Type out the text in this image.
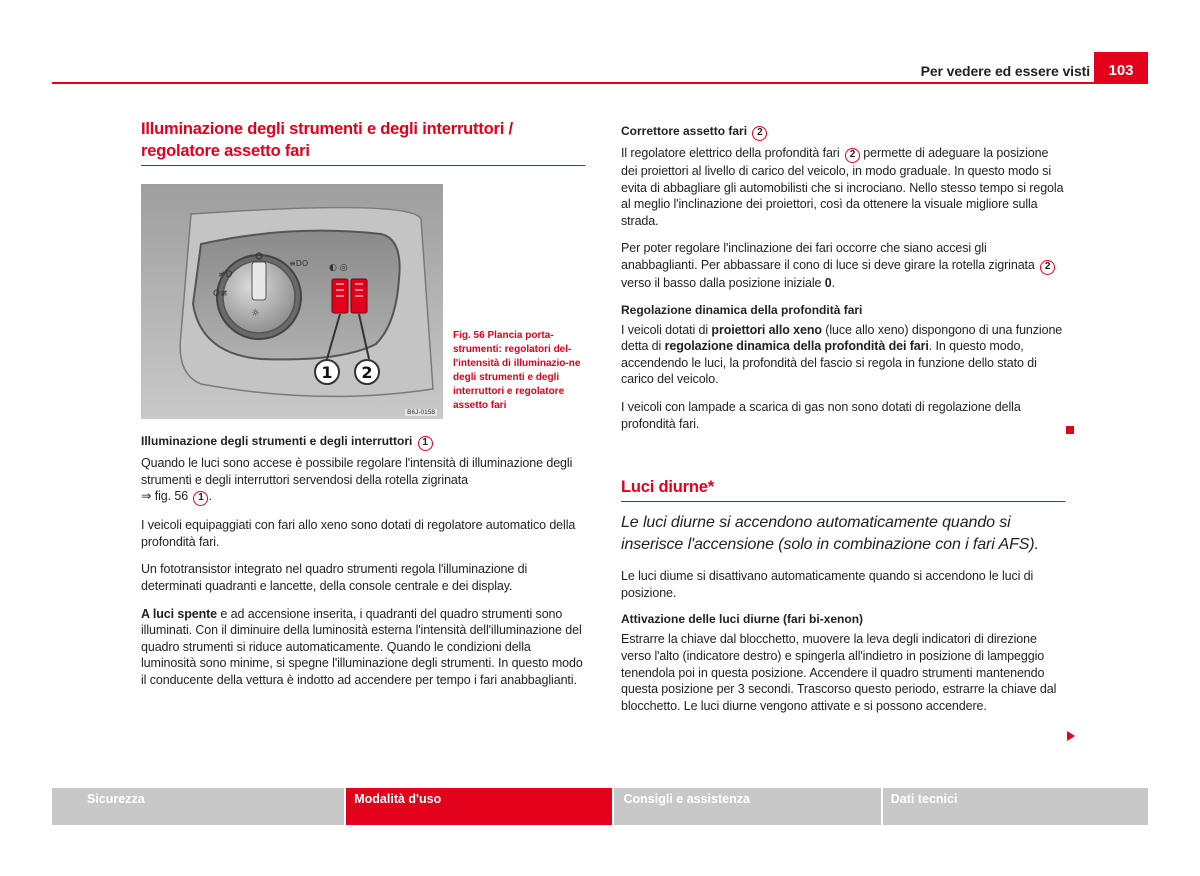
Per vedere ed essere visti	103
Illuminazione degli strumenti e degli interruttori / regolatore assetto fari
≡DO
≠D
O≢
☼
◐ ◎
1 2
B6J-0158
Fig. 56 Plancia porta-strumenti: regolatori del-l'intensità di illuminazio-ne degli strumenti e degli interruttori e regolatore assetto fari
Illuminazione degli strumenti e degli interruttori 1

Quando le luci sono accese è possibile regolare l'intensità di illuminazione degli strumenti e degli interruttori servendosi della rotella zigrinata
⇒ fig. 56 1 .

I veicoli equipaggiati con fari allo xeno sono dotati di regolatore automatico della profondità fari.

Un fototransistor integrato nel quadro strumenti regola l'illuminazione di determinati quadranti e lancette, della console centrale e dei display.

A luci spente e ad accensione inserita, i quadranti del quadro strumenti sono illuminati. Con il diminuire della luminosità esterna l'intensità dell'illuminazione del quadro strumenti si riduce automaticamente. Quando le condizioni della luminosità sono minime, si spegne l'illuminazione degli strumenti. In questo modo il conducente della vettura è indotto ad accendere per tempo i fari anabbaglianti.

Correttore assetto fari 2

Il regolatore elettrico della profondità fari 2 permette di adeguare la posizione dei proiettori al livello di carico del veicolo, in modo graduale. In questo modo si evita di abbagliare gli automobilisti che si incrociano. Nello stesso tempo si regola al meglio l'inclinazione dei proiettori, così da ottenere la visuale migliore sulla strada.

Per poter regolare l'inclinazione dei fari occorre che siano accesi gli anabbaglianti. Per abbassare il cono di luce si deve girare la rotella zigrinata 2 verso il basso dalla posizione iniziale 0.

Regolazione dinamica della profondità fari

I veicoli dotati di proiettori allo xeno (luce allo xeno) dispongono di una funzione detta di regolazione dinamica della profondità dei fari. In questo modo, accendendo le luci, la profondità del fascio si regola in funzione dello stato di carico del veicolo.

I veicoli con lampade a scarica di gas non sono dotati di regolazione della profondità fari.

Luci diurne*

Le luci diurne si accendono automaticamente quando si inserisce l'accensione (solo in combinazione con i fari AFS).

Le luci diume si disattivano automaticamente quando si accendono le luci di posizione.

Attivazione delle luci diurne (fari bi-xenon)

Estrarre la chiave dal blocchetto, muovere la leva degli indicatori di direzione verso l'alto (indicatore destro) e spingerla all'indietro in posizione di lampeggio tenendola poi in questa posizione. Accendere il quadro strumenti mantenendo questa posizione per 3 secondi. Trascorso questo periodo, estrarre la chiave dal blocchetto. Le luci diurne vengono attivate e si possono accendere.

Sicurezza	Modalità d'uso	Consigli e assistenza	Dati tecnici
